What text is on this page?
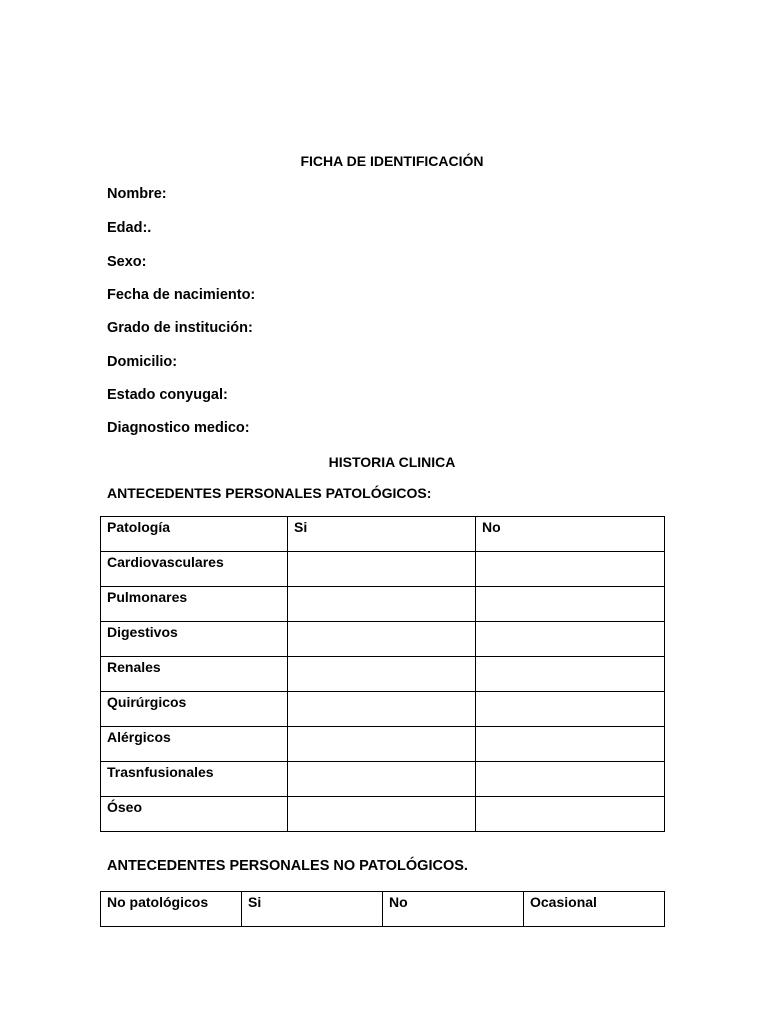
FICHA DE IDENTIFICACIÓN
Nombre:
Edad:.
Sexo:
Fecha de nacimiento:
Grado de institución:
Domicilio:
Estado conyugal:
Diagnostico medico:
HISTORIA CLINICA
ANTECEDENTES PERSONALES PATOLÓGICOS:
Patología	Si	No
Cardiovasculares		
Pulmonares		
Digestivos		
Renales		
Quirúrgicos		
Alérgicos		
Trasnfusionales		
Óseo		
ANTECEDENTES PERSONALES NO PATOLÓGICOS.
No patológicos	Si	No	Ocasional
